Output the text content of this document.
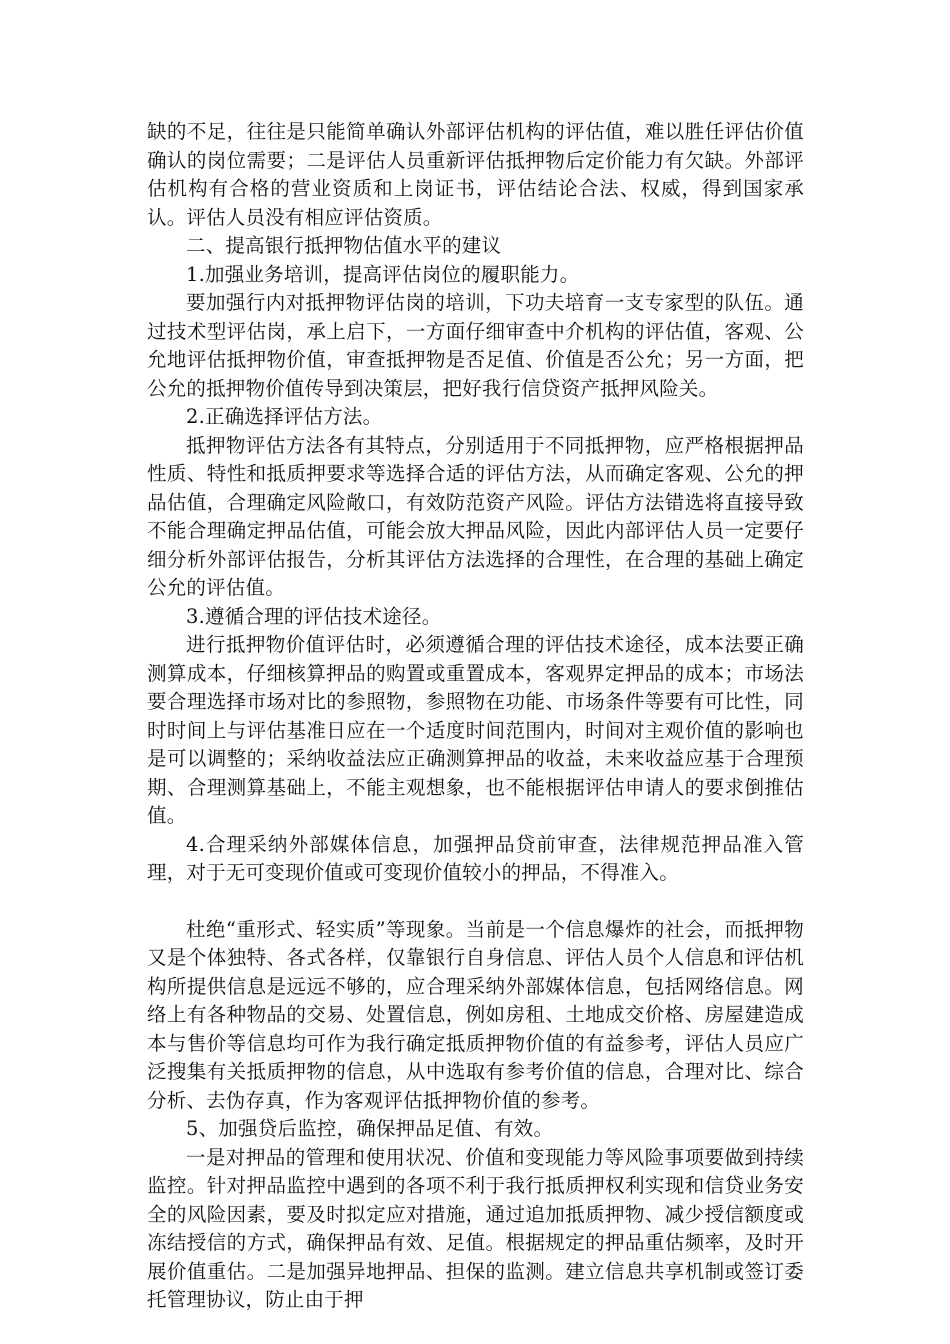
缺的不足，往往是只能简单确认外部评估机构的评估值，难以胜任评估价值确认的岗位需要；二是评估人员重新评估抵押物后定价能力有欠缺。外部评估机构有合格的营业资质和上岗证书，评估结论合法、权威，得到国家承认。评估人员没有相应评估资质。

二、提高银行抵押物估值水平的建议

1.加强业务培训，提高评估岗位的履职能力。

要加强行内对抵押物评估岗的培训，下功夫培育一支专家型的队伍。通过技术型评估岗，承上启下，一方面仔细审查中介机构的评估值，客观、公允地评估抵押物价值，审查抵押物是否足值、价值是否公允；另一方面，把公允的抵押物价值传导到决策层，把好我行信贷资产抵押风险关。

2.正确选择评估方法。

抵押物评估方法各有其特点，分别适用于不同抵押物，应严格根据押品性质、特性和抵质押要求等选择合适的评估方法，从而确定客观、公允的押品估值，合理确定风险敞口，有效防范资产风险。评估方法错选将直接导致不能合理确定押品估值，可能会放大押品风险，因此内部评估人员一定要仔细分析外部评估报告，分析其评估方法选择的合理性，在合理的基础上确定公允的评估值。

3.遵循合理的评估技术途径。

进行抵押物价值评估时，必须遵循合理的评估技术途径，成本法要正确测算成本，仔细核算押品的购置或重置成本，客观界定押品的成本；市场法要合理选择市场对比的参照物，参照物在功能、市场条件等要有可比性，同时时间上与评估基准日应在一个适度时间范围内，时间对主观价值的影响也是可以调整的；采纳收益法应正确测算押品的收益，未来收益应基于合理预期、合理测算基础上，不能主观想象，也不能根据评估申请人的要求倒推估值。

4.合理采纳外部媒体信息，加强押品贷前审查，法律规范押品准入管理，对于无可变现价值或可变现价值较小的押品，不得准入。

杜绝“重形式、轻实质”等现象。当前是一个信息爆炸的社会，而抵押物又是个体独特、各式各样，仅靠银行自身信息、评估人员个人信息和评估机构所提供信息是远远不够的，应合理采纳外部媒体信息，包括网络信息。网络上有各种物品的交易、处置信息，例如房租、土地成交价格、房屋建造成本与售价等信息均可作为我行确定抵质押物价值的有益参考，评估人员应广泛搜集有关抵质押物的信息，从中选取有参考价值的信息，合理对比、综合分析、去伪存真，作为客观评估抵押物价值的参考。

5、加强贷后监控，确保押品足值、有效。

一是对押品的管理和使用状况、价值和变现能力等风险事项要做到持续监控。针对押品监控中遇到的各项不利于我行抵质押权利实现和信贷业务安全的风险因素，要及时拟定应对措施，通过追加抵质押物、减少授信额度或冻结授信的方式，确保押品有效、足值。根据规定的押品重估频率，及时开展价值重估。二是加强异地押品、担保的监测。建立信息共享机制或签订委托管理协议，防止由于押
